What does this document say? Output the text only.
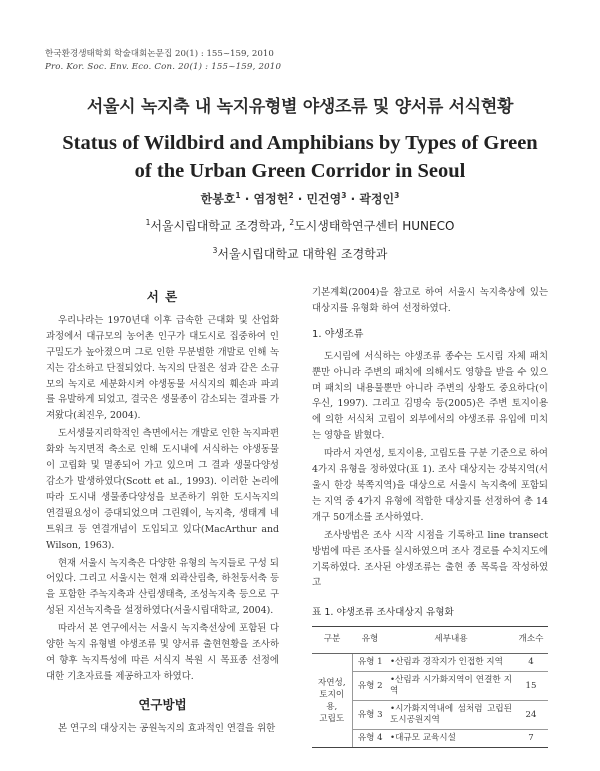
한국환경생태학회 학술대회논문집 20(1) : 155~159, 2010
Pro. Kor. Soc. Env. Eco. Con. 20(1) : 155~159, 2010
서울시 녹지축 내 녹지유형별 야생조류 및 양서류 서식현황
Status of Wildbird and Amphibians by Types of Green
of the Urban Green Corridor in Seoul
한봉호$^1$ · 염정헌$^2$ · 민건영$^3$ · 곽정인$^3$
$^1$서울시립대학교 조경학과, $^2$도시생태학연구센터 HUNECO
$^3$서울시립대학교 대학원 조경학과
서 론

우리나라는 1970년대 이후 급속한 근대화 및 산업화 과정에서 대규모의 농어촌 인구가 대도시로 집중하여 인구밀도가 높아졌으며 그로 인한 무분별한 개발로 인해 녹지는 감소하고 단절되었다. 녹지의 단절은 섬과 같은 소규모의 녹지로 세분화시켜 야생동물 서식지의 훼손과 파괴를 유발하게 되었고, 결국은 생물종이 감소되는 결과를 가져왔다(최진우, 2004).

도서생물지리학적인 측면에서는 개발로 인한 녹지파편화와 녹지면적 축소로 인해 도시내에 서식하는 야생동물이 고립화 및 멸종되어 가고 있으며 그 결과 생물다양성 감소가 발생하였다(Scott et al., 1993). 이러한 논리에 따라 도시내 생물종다양성을 보존하기 위한 도시녹지의 연결필요성이 증대되었으며 그린웨이, 녹지축, 생태계 네트워크 등 연결개념이 도입되고 있다(MacArthur and Wilson, 1963).

현재 서울시 녹지축은 다양한 유형의 녹지들로 구성 되어있다. 그리고 서울시는 현재 외곽산림축, 하천둥서축 등을 포함한 주녹지축과 산림생태축, 조성녹지축 등으로 구성된 지선녹지축을 설정하였다(서울시립대학교, 2004).

따라서 본 연구에서는 서울시 녹지축선상에 포함된 다양한 녹지 유형별 야생조류 및 양서류 출현현황을 조사하여 향후 녹지특성에 따른 서식지 복원 시 목표종 선정에 대한 기초자료를 제공하고자 하였다.

연구방법

본 연구의 대상지는 공원녹지의 효과적인 연결을 위한

기본계획(2004)을 참고로 하여 서울시 녹지축상에 있는 대상지를 유형화 하여 선정하였다.

1. 야생조류

도시림에 서식하는 야생조류 종수는 도시림 자체 패치 뿐만 아니라 주변의 패치에 의해서도 영향을 받을 수 있으며 패치의 내용물뿐만 아니라 주변의 상황도 중요하다(이우신, 1997). 그리고 김명숙 등(2005)은 주변 토지이용에 의한 서식처 고립이 외부에서의 야생조류 유입에 미치는 영향을 밝혔다.

따라서 자연성, 토지이용, 고립도를 구분 기준으로 하여 4가지 유형을 정하였다(표 1). 조사 대상지는 강북지역(서울시 한강 북쪽지역)을 대상으로 서울시 녹지축에 포함되는 지역 중 4가지 유형에 적합한 대상지를 선정하여 총 14개구 50개소를 조사하였다.

조사방법은 조사 시작 시점을 기록하고 line transect 방법에 따른 조사를 실시하였으며 조사 경로를 수치지도에 기록하였다. 조사된 야생조류는 출현 종 목록을 작성하였고

표 1. 야생조류 조사대상지 유형화
구분	유형	세부내용	개소수
자연성,
토지이용,
고립도	유형 1	•산림과 경작지가 인접한 지역	4
	유형 2	•산림과 시가화지역이 연결한 지역	15
	유형 3	•시가화지역내에 섬처럼 고립된 도시공원지역	24
	유형 4	•대규모 교육시설	7
